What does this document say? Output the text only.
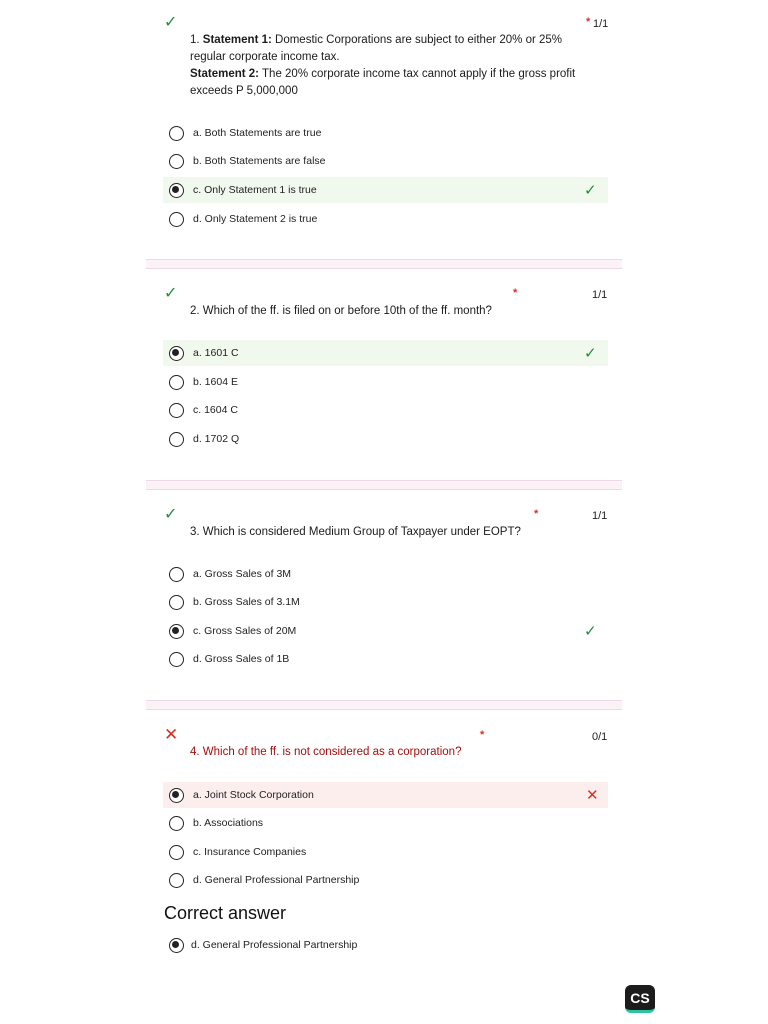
✓	* 1/1
1. Statement 1: Domestic Corporations are subject to either 20% or 25% regular corporate income tax.
Statement 2: The 20% corporate income tax cannot apply if the gross profit exceeds P 5,000,000
a. Both Statements are true
b. Both Statements are false
c. Only Statement 1 is true	✓
d. Only Statement 2 is true
✓	*	1/1
2. Which of the ff. is filed on or before 10th of the ff. month?
a. 1601 C	✓
b. 1604 E
c. 1604 C
d. 1702 Q
✓	*	1/1
3. Which is considered Medium Group of Taxpayer under EOPT?
a. Gross Sales of 3M
b. Gross Sales of 3.1M
c. Gross Sales of 20M	✓
d. Gross Sales of 1B
✕	*	0/1
4. Which of the ff. is not considered as a corporation?
a. Joint Stock Corporation	✕
b. Associations
c. Insurance Companies
d. General Professional Partnership
Correct answer
d. General Professional Partnership
CS
